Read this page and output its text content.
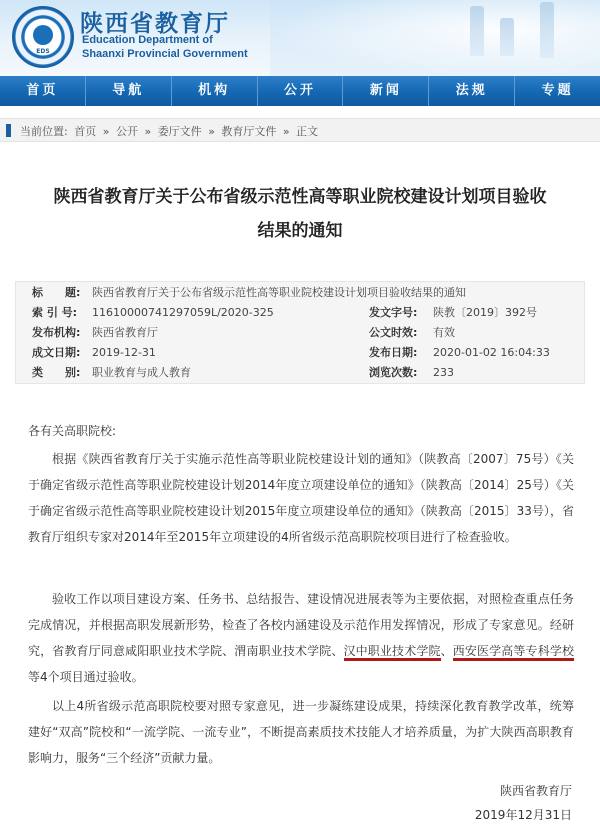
EDS
陕西省教育厅
Education Department of
Shaanxi Provincial Government
首页	导航	机构	公开	新闻	法规	专题
当前位置: 首页 » 公开 » 委厅文件 » 教育厅文件 » 正文
陕西省教育厅关于公布省级示范性高等职业院校建设计划项目验收
结果的通知
标　　题:	陕西省教育厅关于公布省级示范性高等职业院校建设计划项目验收结果的通知
索 引 号:	11610000741297059L/2020-325	发文字号: 陕教〔2019〕392号
发布机构:	陕西省教育厅	公文时效: 有效
成文日期:	2019-12-31	发布日期: 2020-01-02 16:04:33
类　　别:	职业教育与成人教育	浏览次数: 233
各有关高职院校:
根据《陕西省教育厅关于实施示范性高等职业院校建设计划的通知》（陕教高〔2007〕75号）《关于确定省级示范性高等职业院校建设计划2014年度立项建设单位的通知》（陕教高〔2014〕25号）《关于确定省级示范性高等职业院校建设计划2015年度立项建设单位的通知》（陕教高〔2015〕33号），省教育厅组织专家对2014年至2015年立项建设的4所省级示范高职院校项目进行了检查验收。
验收工作以项目建设方案、任务书、总结报告、建设情况进展表等为主要依据，对照检查重点任务完成情况，并根据高职发展新形势，检查了各校内涵建设及示范作用发挥情况，形成了专家意见。经研究，省教育厅同意咸阳职业技术学院、渭南职业技术学院、汉中职业技术学院、西安医学高等专科学校等4个项目通过验收。
以上4所省级示范高职院校要对照专家意见，进一步凝练建设成果，持续深化教育教学改革，统筹建好“双高”院校和“一流学院、一流专业”，不断提高素质技术技能人才培养质量，为扩大陕西高职教育影响力，服务“三个经济”贡献力量。
陕西省教育厅
2019年12月31日
